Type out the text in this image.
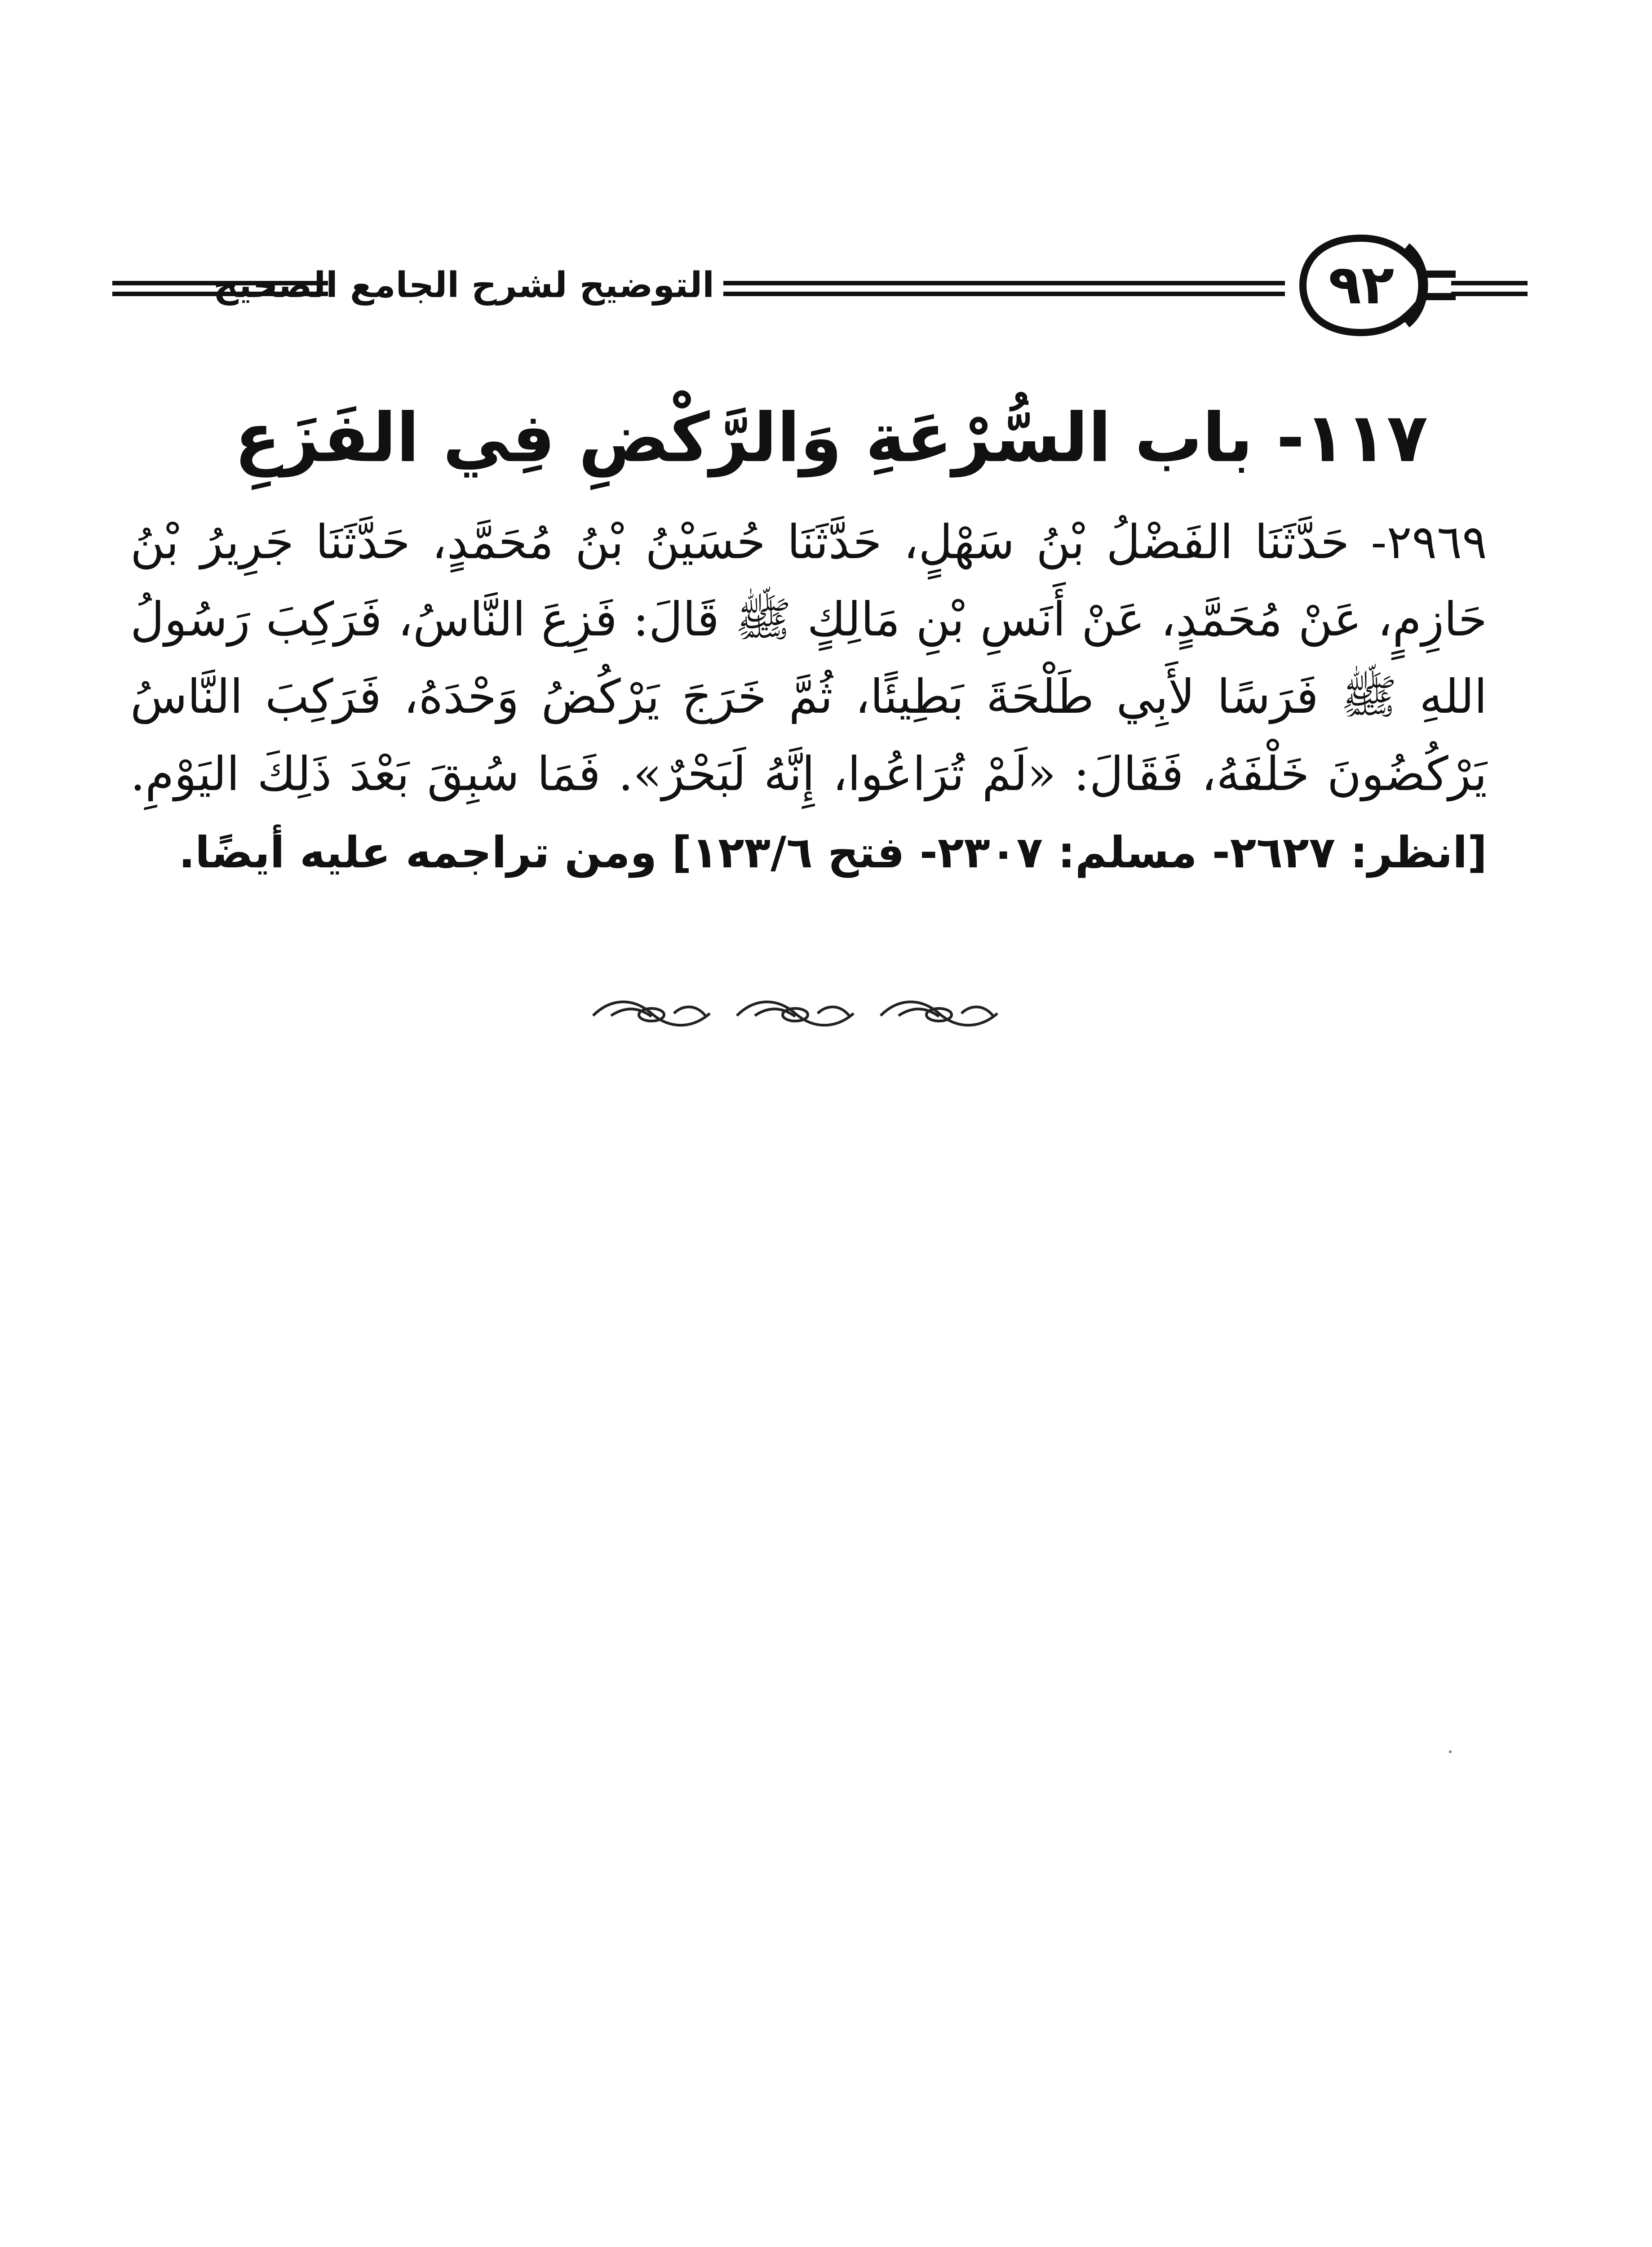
التوضيح لشرح الجامع الصحيح	٩٢
١١٧- باب السُّرْعَةِ وَالرَّكْضِ فِي الفَزَعِ
٢٩٦٩- حَدَّثَنَا الفَضْلُ بْنُ سَهْلٍ، حَدَّثَنَا حُسَيْنُ بْنُ مُحَمَّدٍ، حَدَّثَنَا جَرِيرُ بْنُ حَازِمٍ، عَنْ مُحَمَّدٍ، عَنْ أَنَسِ بْنِ مَالِكٍ ﷺ قَالَ: فَزِعَ النَّاسُ، فَرَكِبَ رَسُولُ اللهِ ﷺ فَرَسًا لأَبِي طَلْحَةَ بَطِيئًا، ثُمَّ خَرَجَ يَرْكُضُ وَحْدَهُ، فَرَكِبَ النَّاسُ يَرْكُضُونَ خَلْفَهُ، فَقَالَ: «لَمْ تُرَاعُوا، إِنَّهُ لَبَحْرٌ». فَمَا سُبِقَ بَعْدَ ذَلِكَ اليَوْمِ. [انظر: ٢٦٢٧- مسلم: ٢٣٠٧- فتح ١٢٣/٦] ومن تراجمه عليه أيضًا.
